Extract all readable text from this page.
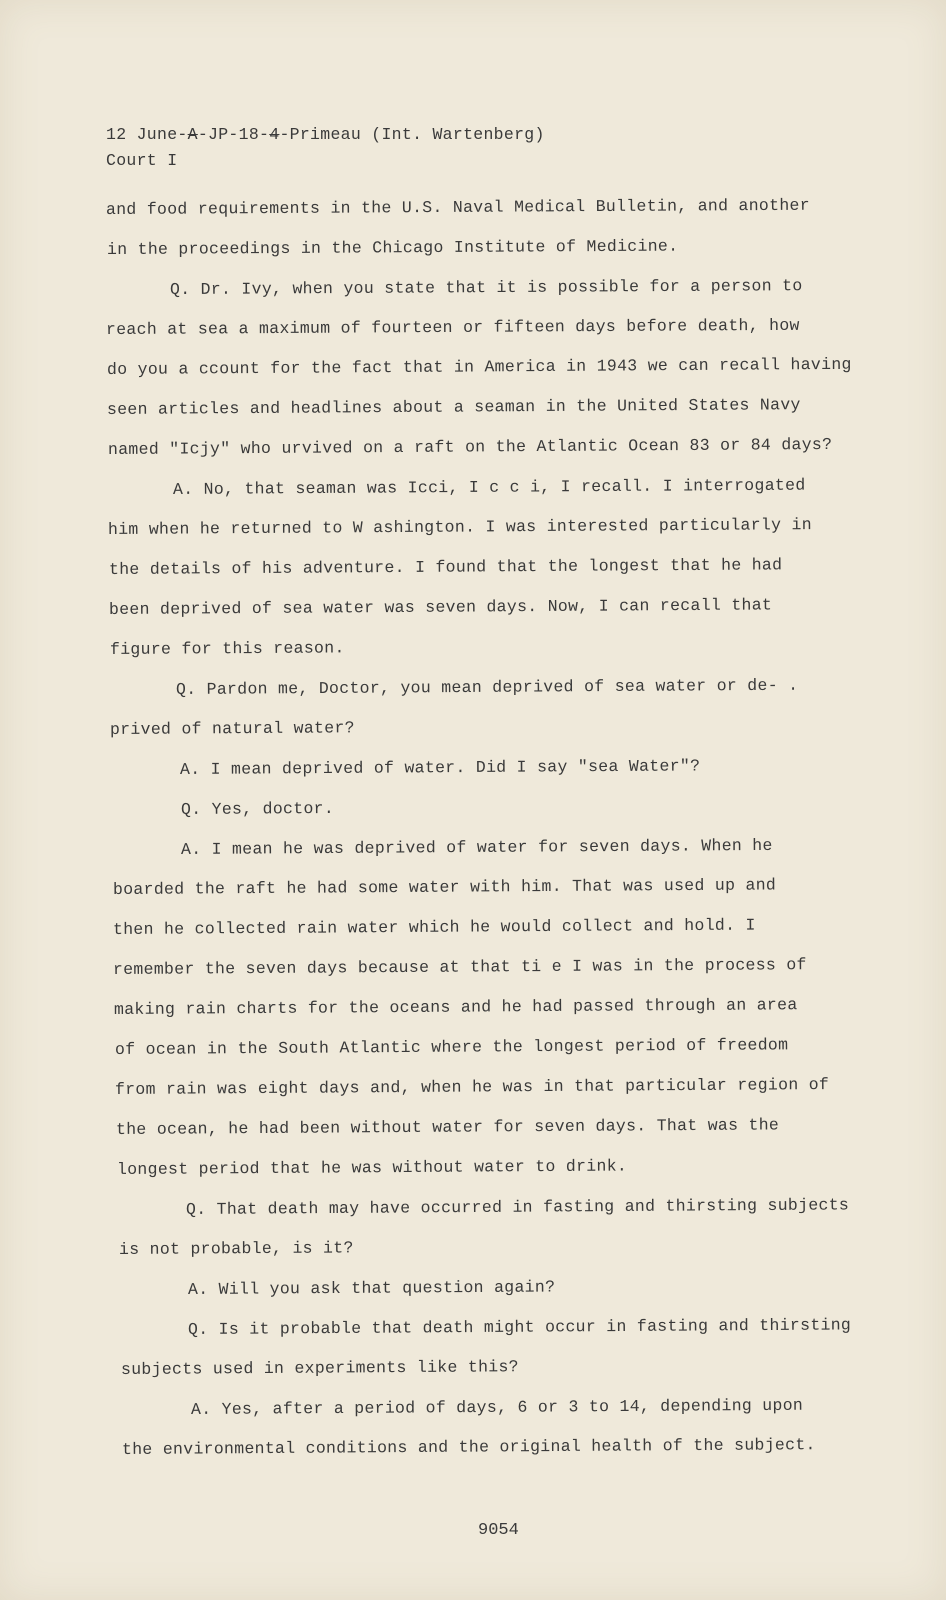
12 June-A-JP-18-4-Primeau (Int. Wartenberg)
Court I
and food requirements in the U.S. Naval Medical Bulletin, and another
in the proceedings in the Chicago Institute of Medicine.
Q. Dr. Ivy, when you state that it is possible for a person to
reach at sea a maximum of fourteen or fifteen days before death, how
do you a ccount for the fact that in America in 1943 we can recall having
seen articles and headlines about a seaman in the United States Navy
named "Icjy" who urvived on a raft on the Atlantic Ocean 83 or 84 days?
A. No, that seaman was Icci, I c c i, I recall. I interrogated
him when he returned to W ashington. I was interested particularly in
the details of his adventure. I found that the longest that he had
been deprived of sea water was seven days. Now, I can recall that
figure for this reason.
Q. Pardon me, Doctor, you mean deprived of sea water or de- .
prived of natural water?
A. I mean deprived of water. Did I say "sea Water"?
Q. Yes, doctor.
A. I mean he was deprived of water for seven days. When he
boarded the raft he had some water with him. That was used up and
then he collected rain water which he would collect and hold. I
remember the seven days because at that ti e I was in the process of
making rain charts for the oceans and he had passed through an area
of ocean in the South Atlantic where the longest period of freedom
from rain was eight days and, when he was in that particular region of
the ocean, he had been without water for seven days. That was the
longest period that he was without water to drink.
Q. That death may have occurred in fasting and thirsting subjects
is not probable, is it?
A. Will you ask that question again?
Q. Is it probable that death might occur in fasting and thirsting
subjects used in experiments like this?
A. Yes, after a period of days, 6 or 3 to 14, depending upon
the environmental conditions and the original health of the subject.
9054
